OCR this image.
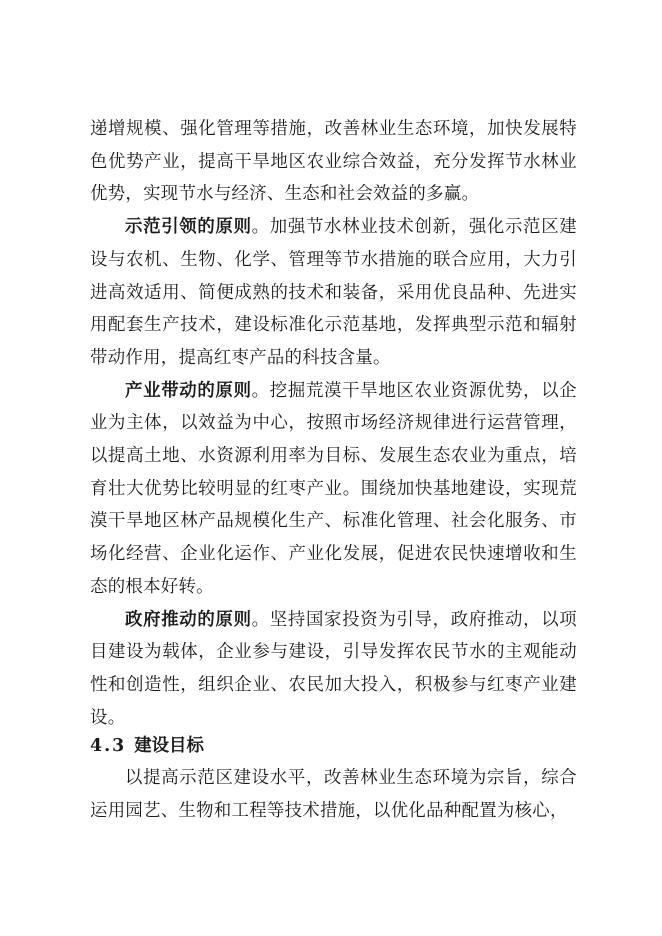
递增规模、强化管理等措施，改善林业生态环境，加快发展特色优势产业，提高干旱地区农业综合效益，充分发挥节水林业优势，实现节水与经济、生态和社会效益的多赢。

示范引领的原则。加强节水林业技术创新，强化示范区建设与农机、生物、化学、管理等节水措施的联合应用，大力引进高效适用、简便成熟的技术和装备，采用优良品种、先进实用配套生产技术，建设标准化示范基地，发挥典型示范和辐射带动作用，提高红枣产品的科技含量。

产业带动的原则。挖掘荒漠干旱地区农业资源优势，以企业为主体，以效益为中心，按照市场经济规律进行运营管理，以提高土地、水资源利用率为目标、发展生态农业为重点，培育壮大优势比较明显的红枣产业。围绕加快基地建设，实现荒漠干旱地区林产品规模化生产、标准化管理、社会化服务、市场化经营、企业化运作、产业化发展，促进农民快速增收和生态的根本好转。

政府推动的原则。坚持国家投资为引导，政府推动，以项目建设为载体，企业参与建设，引导发挥农民节水的主观能动性和创造性，组织企业、农民加大投入，积极参与红枣产业建设。

4.3 建设目标

以提高示范区建设水平，改善林业生态环境为宗旨，综合运用园艺、生物和工程等技术措施，以优化品种配置为核心，
